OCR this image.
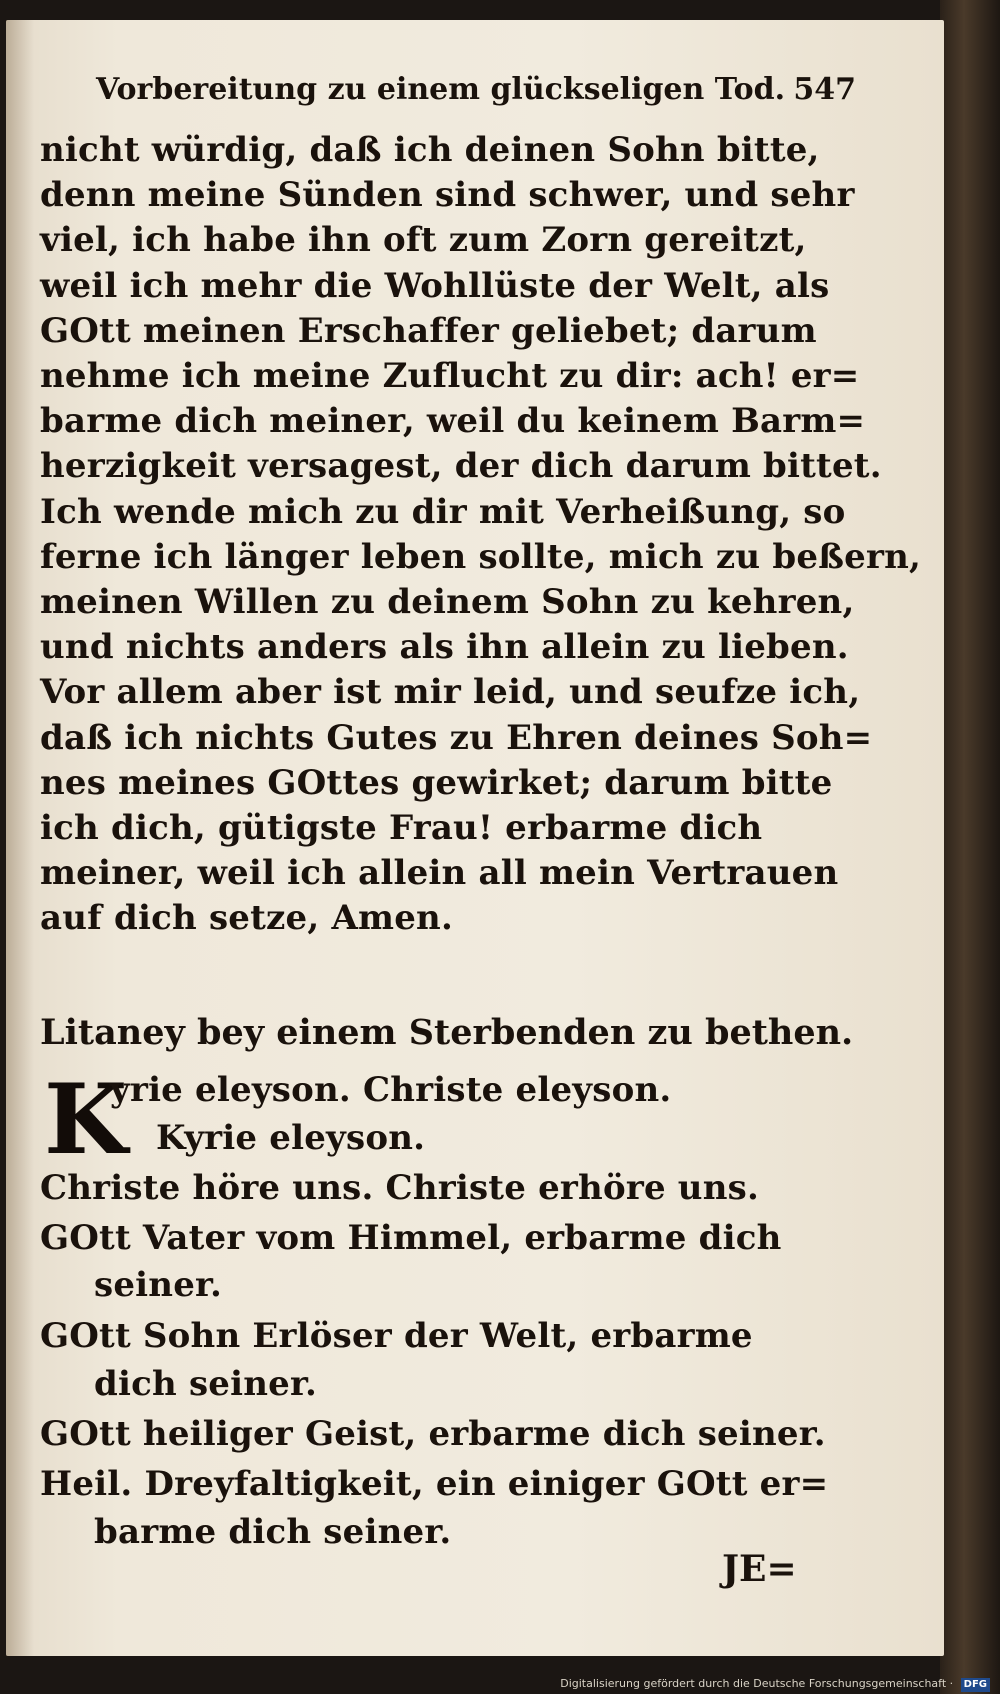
Vorbereitung zu einem glückseligen Tod. 547
nicht würdig, daß ich deinen Sohn bitte,
denn meine Sünden sind schwer, und sehr
viel, ich habe ihn oft zum Zorn gereitzt,
weil ich mehr die Wohllüste der Welt, als
GOtt meinen Erschaffer geliebet; darum
nehme ich meine Zuflucht zu dir: ach! er=
barme dich meiner, weil du keinem Barm=
herzigkeit versagest, der dich darum bittet.
Ich wende mich zu dir mit Verheißung, so
ferne ich länger leben sollte, mich zu beßern,
meinen Willen zu deinem Sohn zu kehren,
und nichts anders als ihn allein zu lieben.
Vor allem aber ist mir leid, und seufze ich,
daß ich nichts Gutes zu Ehren deines Soh=
nes meines GOttes gewirket; darum bitte
ich dich, gütigste Frau! erbarme dich
meiner, weil ich allein all mein Vertrauen
auf dich setze, Amen.
Litaney bey einem Sterbenden zu bethen.
K
yrie eleyson. Christe eleyson.
Kyrie eleyson.
Christe höre uns. Christe erhöre uns.
GOtt Vater vom Himmel, erbarme dich
seiner.
GOtt Sohn Erlöser der Welt, erbarme
dich seiner.
GOtt heiliger Geist, erbarme dich seiner.
Heil. Dreyfaltigkeit, ein einiger GOtt er=
barme dich seiner.
JE=
Digitalisierung gefördert durch die Deutsche Forschungsgemeinschaft · DFG
